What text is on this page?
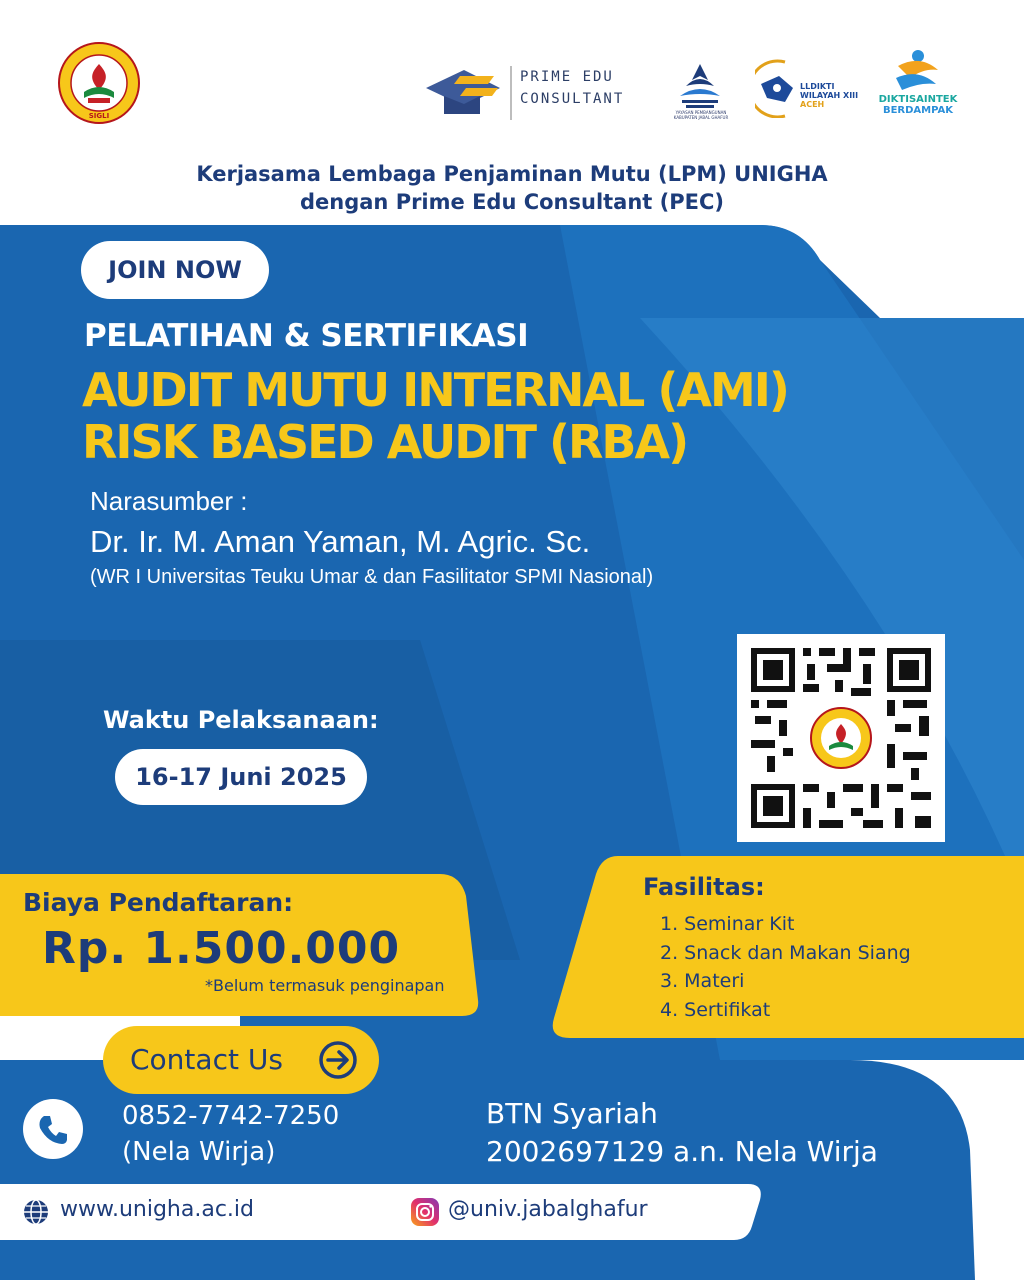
SIGLI
PRIME EDU
CONSULTANT
YAYASAN PEMBANGUNAN KABUPATEN JABAL GHAFUR
LLDIKTI
WILAYAH XIII
ACEH	DIKTISAINTEK
BERDAMPAK
Kerjasama Lembaga Penjaminan Mutu (LPM) UNIGHA
dengan Prime Edu Consultant (PEC)
JOIN NOW
PELATIHAN & SERTIFIKASI
AUDIT MUTU INTERNAL (AMI)
RISK BASED AUDIT (RBA)
Narasumber :
Dr. Ir. M. Aman Yaman, M. Agric. Sc.
(WR I Universitas Teuku Umar & dan Fasilitator SPMI Nasional)
Waktu Pelaksanaan:
16-17 Juni 2025
Biaya Pendaftaran:
Rp. 1.500.000
*Belum termasuk penginapan
Fasilitas:
1. Seminar Kit
2. Snack dan Makan Siang
3. Materi
4. Sertifikat
Contact Us
0852-7742-7250
(Nela Wirja)
BTN Syariah
2002697129 a.n. Nela Wirja
www.unigha.ac.id	@univ.jabalghafur
